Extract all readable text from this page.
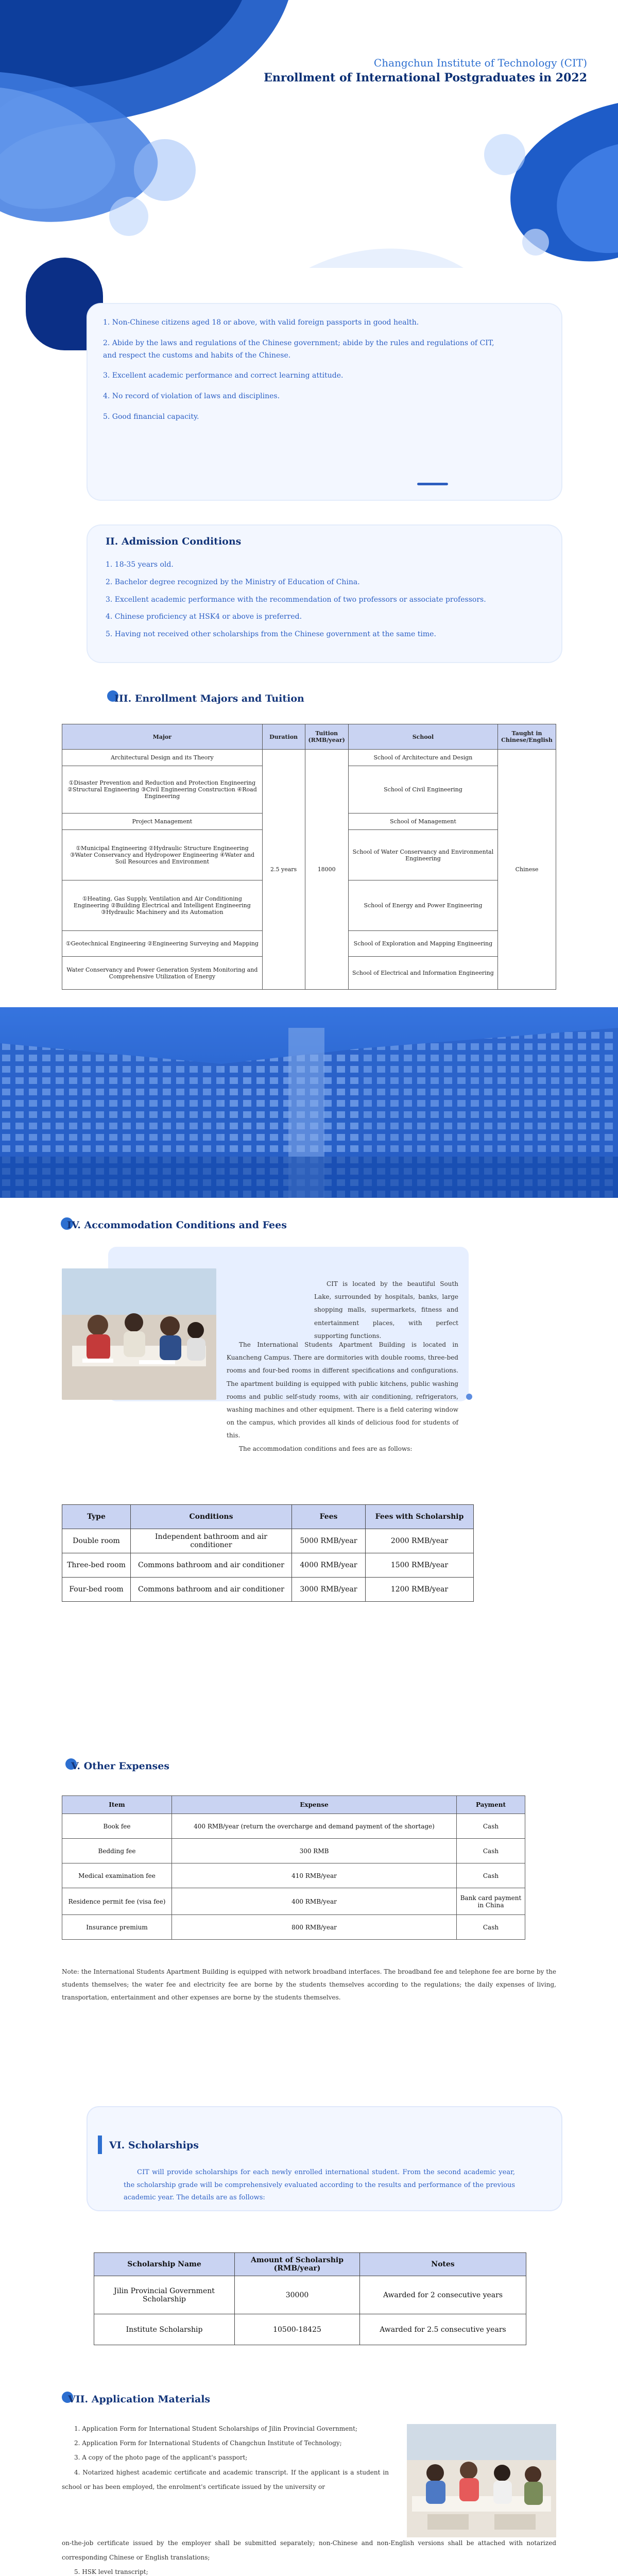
Changchun Institute of Technology (CIT)
Enrollment of International Postgraduates in 2022
I. Basic Conditions

1. Non-Chinese citizens aged 18 or above, with valid foreign passports in good health.

2. Abide by the laws and regulations of the Chinese government; abide by the rules and regulations of CIT,

and respect the customs and habits of the Chinese.

3. Excellent academic performance and correct learning attitude.

4. No record of violation of laws and disciplines.

5. Good financial capacity.

II. Admission Conditions

1. 18-35 years old.

2. Bachelor degree recognized by the Ministry of Education of China.

3. Excellent academic performance with the recommendation of two professors or associate professors.

4. Chinese proficiency at HSK4 or above is preferred.

5. Having not received other scholarships from the Chinese government at the same time.

III. Enrollment Majors and Tuition
Major	Duration	Tuition (RMB/year)	School	Taught in Chinese/English
Architectural Design and its Theory	2.5 years	18000	School of Architecture and Design	Chinese
①Disaster Prevention and Reduction and Protection Engineering ②Structural Engineering ③Civil Engineering Construction ④Road Engineering			School of Civil Engineering	
Project Management			School of Management	
①Municipal Engineering ②Hydraulic Structure Engineering ③Water Conservancy and Hydropower Engineering ④Water and Soil Resources and Environment			School of Water Conservancy and Environmental Engineering	
①Heating, Gas Supply, Ventilation and Air Conditioning Engineering ②Building Electrical and Intelligent Engineering ③Hydraulic Machinery and its Automation			School of Energy and Power Engineering	
①Geotechnical Engineering ②Engineering Surveying and Mapping			School of Exploration and Mapping Engineering	
Water Conservancy and Power Generation System Monitoring and Comprehensive Utilization of Energy			School of Electrical and Information Engineering	
IV. Accommodation Conditions and Fees
CIT is located by the beautiful South Lake, surrounded by hospitals, banks, large shopping malls, supermarkets, fitness and entertainment places, with perfect supporting functions.
The International Students Apartment Building is located in Kuancheng Campus. There are dormitories with double rooms, three-bed rooms and four-bed rooms in different specifications and configurations. The apartment building is equipped with public kitchens, public washing rooms and public self-study rooms, with air conditioning, refrigerators, washing machines and other equipment. There is a field catering window on the campus, which provides all kinds of delicious food for students of this.
The accommodation conditions and fees are as follows:
Type	Conditions	Fees	Fees with Scholarship
Double room	Independent bathroom and air conditioner	5000 RMB/year	2000 RMB/year
Three-bed room	Commons bathroom and air conditioner	4000 RMB/year	1500 RMB/year
Four-bed room	Commons bathroom and air conditioner	3000 RMB/year	1200 RMB/year
V. Other Expenses
Item	Expense	Payment
Book fee	400 RMB/year (return the overcharge and demand payment of the shortage)	Cash
Bedding fee	300 RMB	Cash
Medical examination fee	410 RMB/year	Cash
Residence permit fee (visa fee)	400 RMB/year	Bank card payment in China
Insurance premium	800 RMB/year	Cash
Note: the International Students Apartment Building is equipped with network broadband interfaces. The broadband fee and telephone fee are borne by the students themselves; the water fee and electricity fee are borne by the students themselves according to the regulations; the daily expenses of living, transportation, entertainment and other expenses are borne by the students themselves.
VI. Scholarships
CIT will provide scholarships for each newly enrolled international student. From the second academic year, the scholarship grade will be comprehensively evaluated according to the results and performance of the previous academic year. The details are as follows:
Scholarship Name	Amount of Scholarship (RMB/year)	Notes
Jilin Provincial Government Scholarship	30000	Awarded for 2 consecutive years
Institute Scholarship	10500-18425	Awarded for 2.5 consecutive years
VII. Application Materials
1. Application Form for International Student Scholarships of Jilin Provincial Government;
2. Application Form for International Students of Changchun Institute of Technology;
3. A copy of the photo page of the applicant's passport;
4. Notarized highest academic certificate and academic transcript. If the applicant is a student in school or has been employed, the enrolment's certificate issued by the university or
on-the-job certificate issued by the employer shall be submitted separately; non-Chinese and non-English versions shall be attached with notarized corresponding Chinese or English translations;
5. HSK level transcript;
